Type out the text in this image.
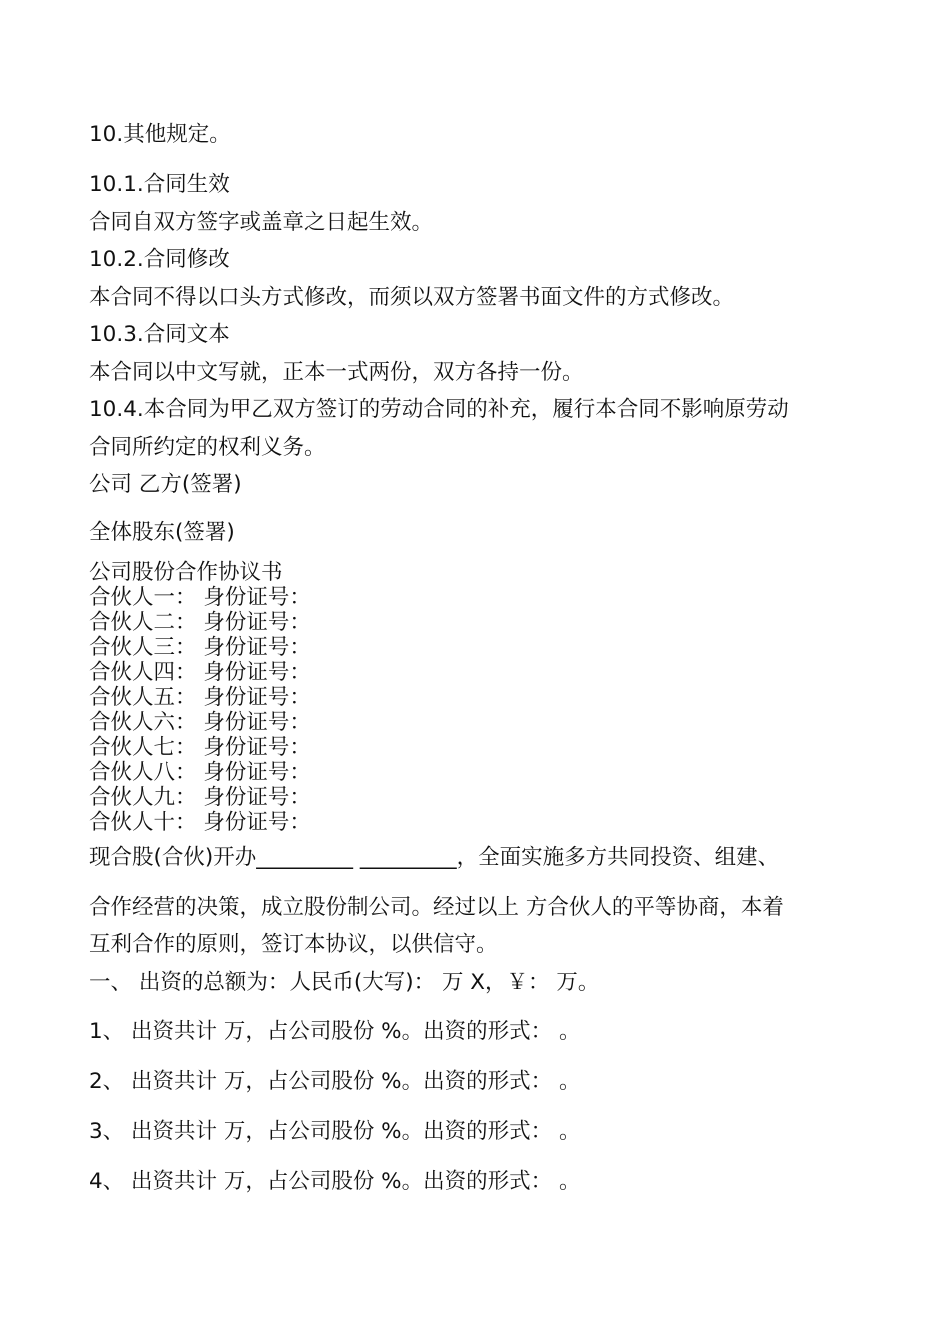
10.其他规定。

10.1.合同生效

合同自双方签字或盖章之日起生效。

10.2.合同修改

本合同不得以口头方式修改，而须以双方签署书面文件的方式修改。

10.3.合同文本

本合同以中文写就，正本一式两份，双方各持一份。

10.4.本合同为甲乙双方签订的劳动合同的补充，履行本合同不影响原劳动

合同所约定的权利义务。

公司 乙方(签署)

全体股东(签署)

公司股份合作协议书

合伙人一： 身份证号：

合伙人二： 身份证号：

合伙人三： 身份证号：

合伙人四： 身份证号：

合伙人五： 身份证号：

合伙人六： 身份证号：

合伙人七： 身份证号：

合伙人八： 身份证号：

合伙人九： 身份证号：

合伙人十： 身份证号：

现合股(合伙)开办_________ _________，全面实施多方共同投资、组建、

合作经营的决策，成立股份制公司。经过以上 方合伙人的平等协商，本着

互利合作的原则，签订本协议，以供信守。

一、 出资的总额为：人民币(大写)： 万 X，￥： 万。

1、 出资共计 万，占公司股份 %。出资的形式： 。

2、 出资共计 万，占公司股份 %。出资的形式： 。

3、 出资共计 万，占公司股份 %。出资的形式： 。

4、 出资共计 万，占公司股份 %。出资的形式： 。
